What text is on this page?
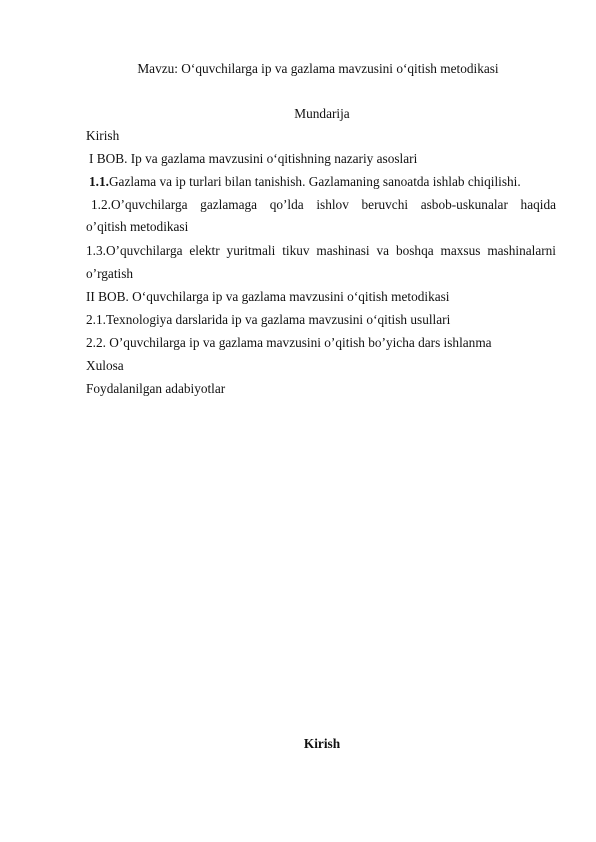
Mavzu: O‘quvchilarga ip va gazlama mavzusini o‘qitish metodikasi
Mundarija
Kirish
I BOB. Ip va gazlama mavzusini o‘qitishning nazariy asoslari
1.1.Gazlama va ip turlari bilan tanishish. Gazlamaning sanoatda ishlab chiqilishi.
1.2.O’quvchilarga gazlamaga qo’lda ishlov beruvchi asbob-uskunalar haqida
o’qitish metodikasi
1.3.O’quvchilarga elektr yuritmali tikuv mashinasi va boshqa maxsus mashinalarni
o’rgatish
II BOB. O‘quvchilarga ip va gazlama mavzusini o‘qitish metodikasi
2.1.Texnologiya darslarida ip va gazlama mavzusini o‘qitish usullari
2.2. O’quvchilarga ip va gazlama mavzusini o’qitish bo’yicha dars ishlanma
Xulosa
Foydalanilgan adabiyotlar
Kirish
